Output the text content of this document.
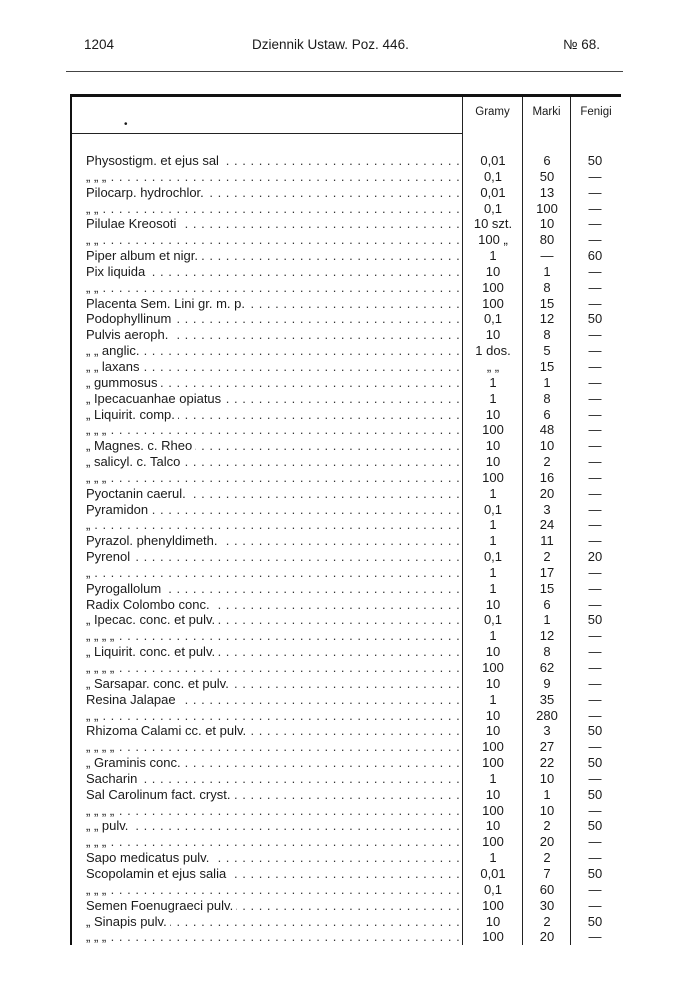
1204	Dziennik Ustaw. Poz. 446.	№ 68.
•
Gramy	Marki	Fenigi
Physostigm. et ejus sal . . .	0,01	6	50
„ „ „ . . .	0,1	50	—
Pilocarp. hydrochlor. . . .	0,01	13	—
„ „ . . .	0,1	100	—
Pilulae Kreosoti . . .	10 szt.	10	—
„ „ . . .	100 „	80	—
Piper album et nigr. . . .	1	—	60
Pix liquida . . .	10	1	—
„ „ . . .	100	8	—
Placenta Sem. Lini gr. m. p. . . .	100	15	—
Podophyllinum . . .	0,1	12	50
Pulvis aeroph. . . .	10	8	—
„ „ anglic. . . .	1 dos.	5	—
„ „ laxans . . .	„ „	15	—
„ gummosus . . .	1	1	—
„ Ipecacuanhae opiatus . . .	1	8	—
„ Liquirit. comp. . . .	10	6	—
„ „ „ . . .	100	48	—
„ Magnes. c. Rheo . . .	10	10	—
„ salicyl. c. Talco . . .	10	2	—
„ „ „ . . .	100	16	—
Pyoctanin caerul. . . .	1	20	—
Pyramidon . . .	0,1	3	—
„ . . .	1	24	—
Pyrazol. phenyldimeth. . . .	1	11	—
Pyrenol . . .	0,1	2	20
„ . . .	1	17	—
Pyrogallolum . . .	1	15	—
Radix Colombo conc. . . .	10	6	—
„ Ipecac. conc. et pulv. . . .	0,1	1	50
„ „ „ „ . . .	1	12	—
„ Liquirit. conc. et pulv. . . .	10	8	—
„ „ „ „ . . .	100	62	—
„ Sarsapar. conc. et pulv. . . .	10	9	—
Resina Jalapae . . .	1	35	—
„ „ . . .	10	280	—
Rhizoma Calami cc. et pulv. . . .	10	3	50
„ „ „ „ . . .	100	27	—
„ Graminis conc. . . .	100	22	50
Sacharin . . .	1	10	—
Sal Carolinum fact. cryst. . . .	10	1	50
„ „ „ „ . . .	100	10	—
„ „ pulv. . . .	10	2	50
„ „ „ . . .	100	20	—
Sapo medicatus pulv. . . .	1	2	—
Scopolamin et ejus salia . . .	0,01	7	50
„ „ „ . . .	0,1	60	—
Semen Foenugraeci pulv. . . .	100	30	—
„ Sinapis pulv. . . .	10	2	50
„ „ „ . . .	100	20	—
